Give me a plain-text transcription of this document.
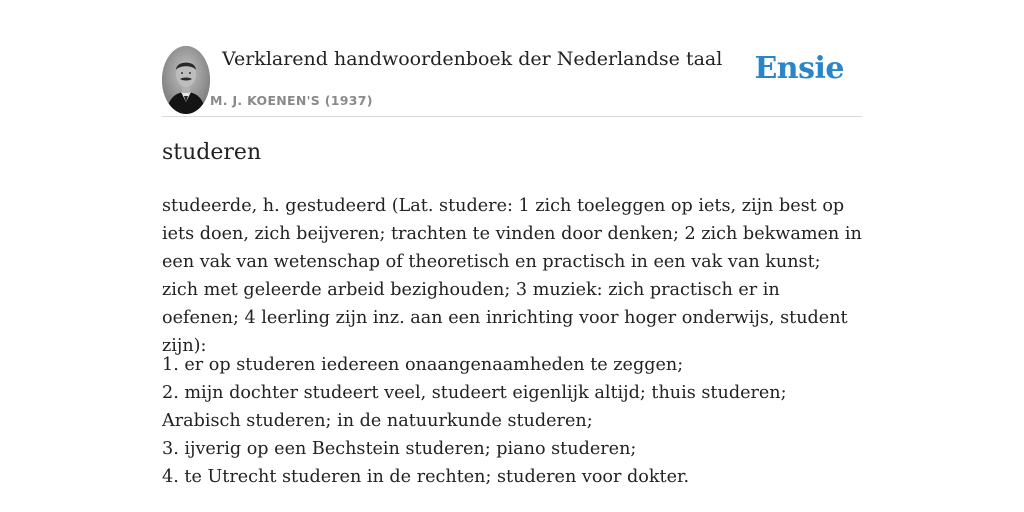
Verklarend handwoordenboek der Nederlandse taal
M. J. KOENEN'S (1937)
Ensie
studeren

studeerde, h. gestudeerd (Lat. studere: 1 zich toeleggen op iets, zijn best op iets doen, zich beijveren; trachten te vinden door denken; 2 zich bekwamen in een vak van wetenschap of theoretisch en practisch in een vak van kunst; zich met geleerde arbeid bezighouden; 3 muziek: zich practisch er in oefenen; 4 leerling zijn inz. aan een inrichting voor hoger onderwijs, student zijn):

1. er op studeren iedereen onaangenaamheden te zeggen;
2. mijn dochter studeert veel, studeert eigenlijk altijd; thuis studeren; Arabisch studeren; in de natuurkunde studeren;
3. ijverig op een Bechstein studeren; piano studeren;
4. te Utrecht studeren in de rechten; studeren voor dokter.
